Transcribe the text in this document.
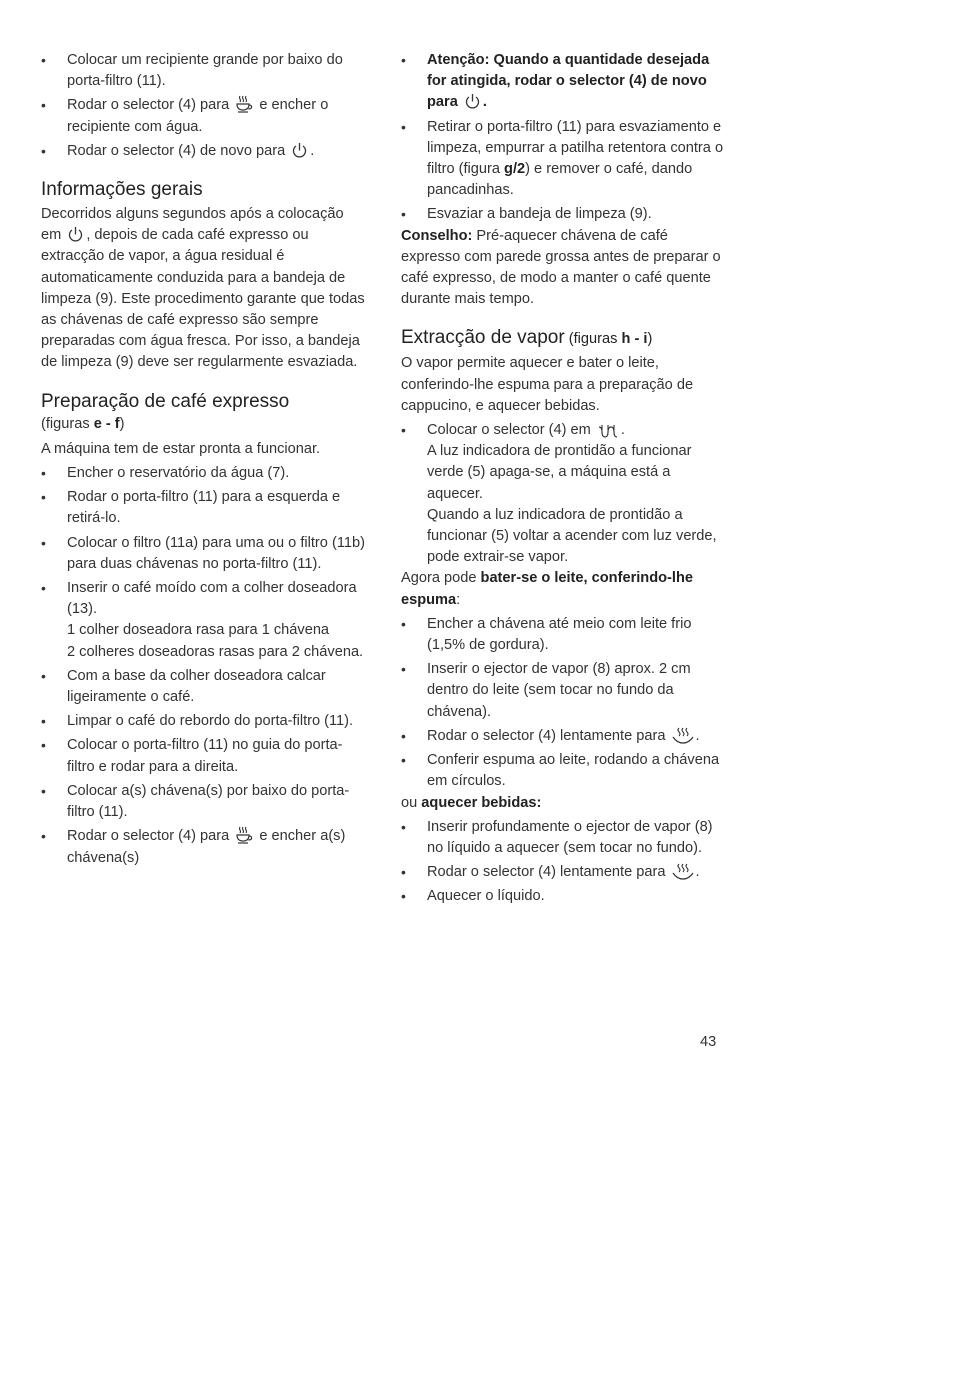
• Colocar um recipiente grande por baixo do porta-filtro (11).
• Rodar o selector (4) para  e encher o recipiente com água.
• Rodar o selector (4) de novo para .
Informações gerais

Decorridos alguns segundos após a colocação em , depois de cada café expresso ou extracção de vapor, a água residual é automaticamente conduzida para a bandeja de limpeza (9). Este procedimento garante que todas as chávenas de café expresso são sempre preparadas com água fresca. Por isso, a bandeja de limpeza (9) deve ser regularmente esvaziada.

Preparação de café expresso

(figuras e - f)

A máquina tem de estar pronta a funcionar.

• Encher o reservatório da água (7).
• Rodar o porta-filtro (11) para a esquerda e retirá-lo.
• Colocar o filtro (11a) para uma ou o filtro (11b) para duas chávenas no porta-filtro (11).
• Inserir o café moído com a colher doseadora (13).
1 colher doseadora rasa para 1 chávena
2 colheres doseadoras rasas para 2 chávena.
• Com a base da colher doseadora calcar ligeiramente o café.
• Limpar o café do rebordo do porta-filtro (11).
• Colocar o porta-filtro (11) no guia do porta-filtro e rodar para a direita.
• Colocar a(s) chávena(s) por baixo do porta-filtro (11).
• Rodar o selector (4) para  e encher a(s) chávena(s)
• Atenção: Quando a quantidade desejada for atingida, rodar o selector (4) de novo para .
• Retirar o porta-filtro (11) para esvaziamento e limpeza, empurrar a patilha retentora contra o filtro (figura g/2) e remover o café, dando pancadinhas.
• Esvaziar a bandeja de limpeza (9).

Conselho: Pré-aquecer chávena de café expresso com parede grossa antes de preparar o café expresso, de modo a manter o café quente durante mais tempo.

Extracção de vapor (figuras h - i)

O vapor permite aquecer e bater o leite, conferindo-lhe espuma para a preparação de cappucino, e aquecer bebidas.

• Colocar o selector (4) em .
A luz indicadora de prontidão a funcionar verde (5) apaga-se, a máquina está a aquecer.
Quando a luz indicadora de prontidão a funcionar (5) voltar a acender com luz verde, pode extrair-se vapor.

Agora pode bater-se o leite, conferindo-lhe espuma:

• Encher a chávena até meio com leite frio (1,5% de gordura).
• Inserir o ejector de vapor (8) aprox. 2 cm dentro do leite (sem tocar no fundo da chávena).
• Rodar o selector (4) lentamente para .
• Conferir espuma ao leite, rodando a chávena em círculos.

ou aquecer bebidas:

• Inserir profundamente o ejector de vapor (8) no líquido a aquecer (sem tocar no fundo).
• Rodar o selector (4) lentamente para .
• Aquecer o líquido.
43
